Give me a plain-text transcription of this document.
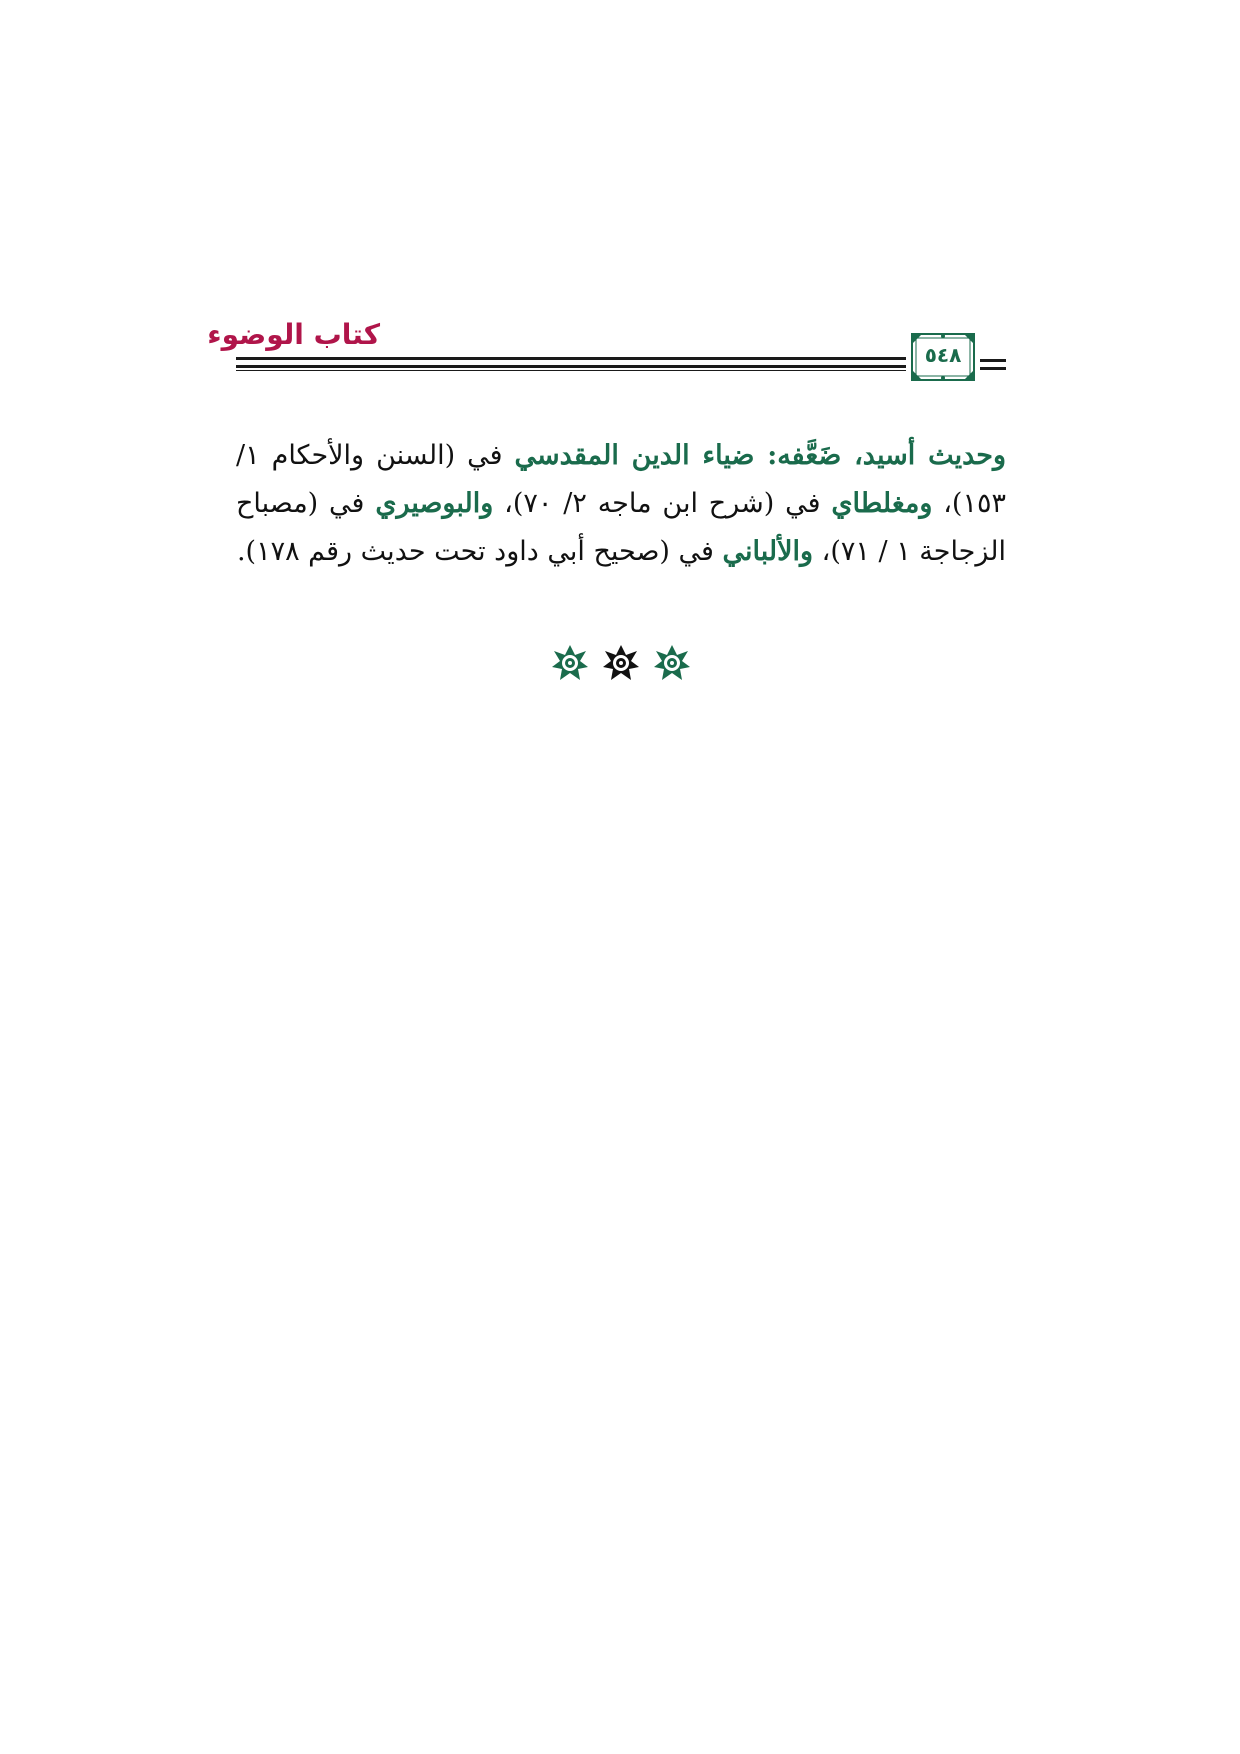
كتاب الوضوء
٥٤٨

وحديث أسيد، ضَعَّفه: ضياء الدين المقدسي في (السنن والأحكام ١/ ١٥٣)، ومغلطاي في (شرح ابن ماجه ٢/ ٧٠)، والبوصيري في (مصباح الزجاجة ١ / ٧١)، والألباني في (صحيح أبي داود تحت حديث رقم ١٧٨).
